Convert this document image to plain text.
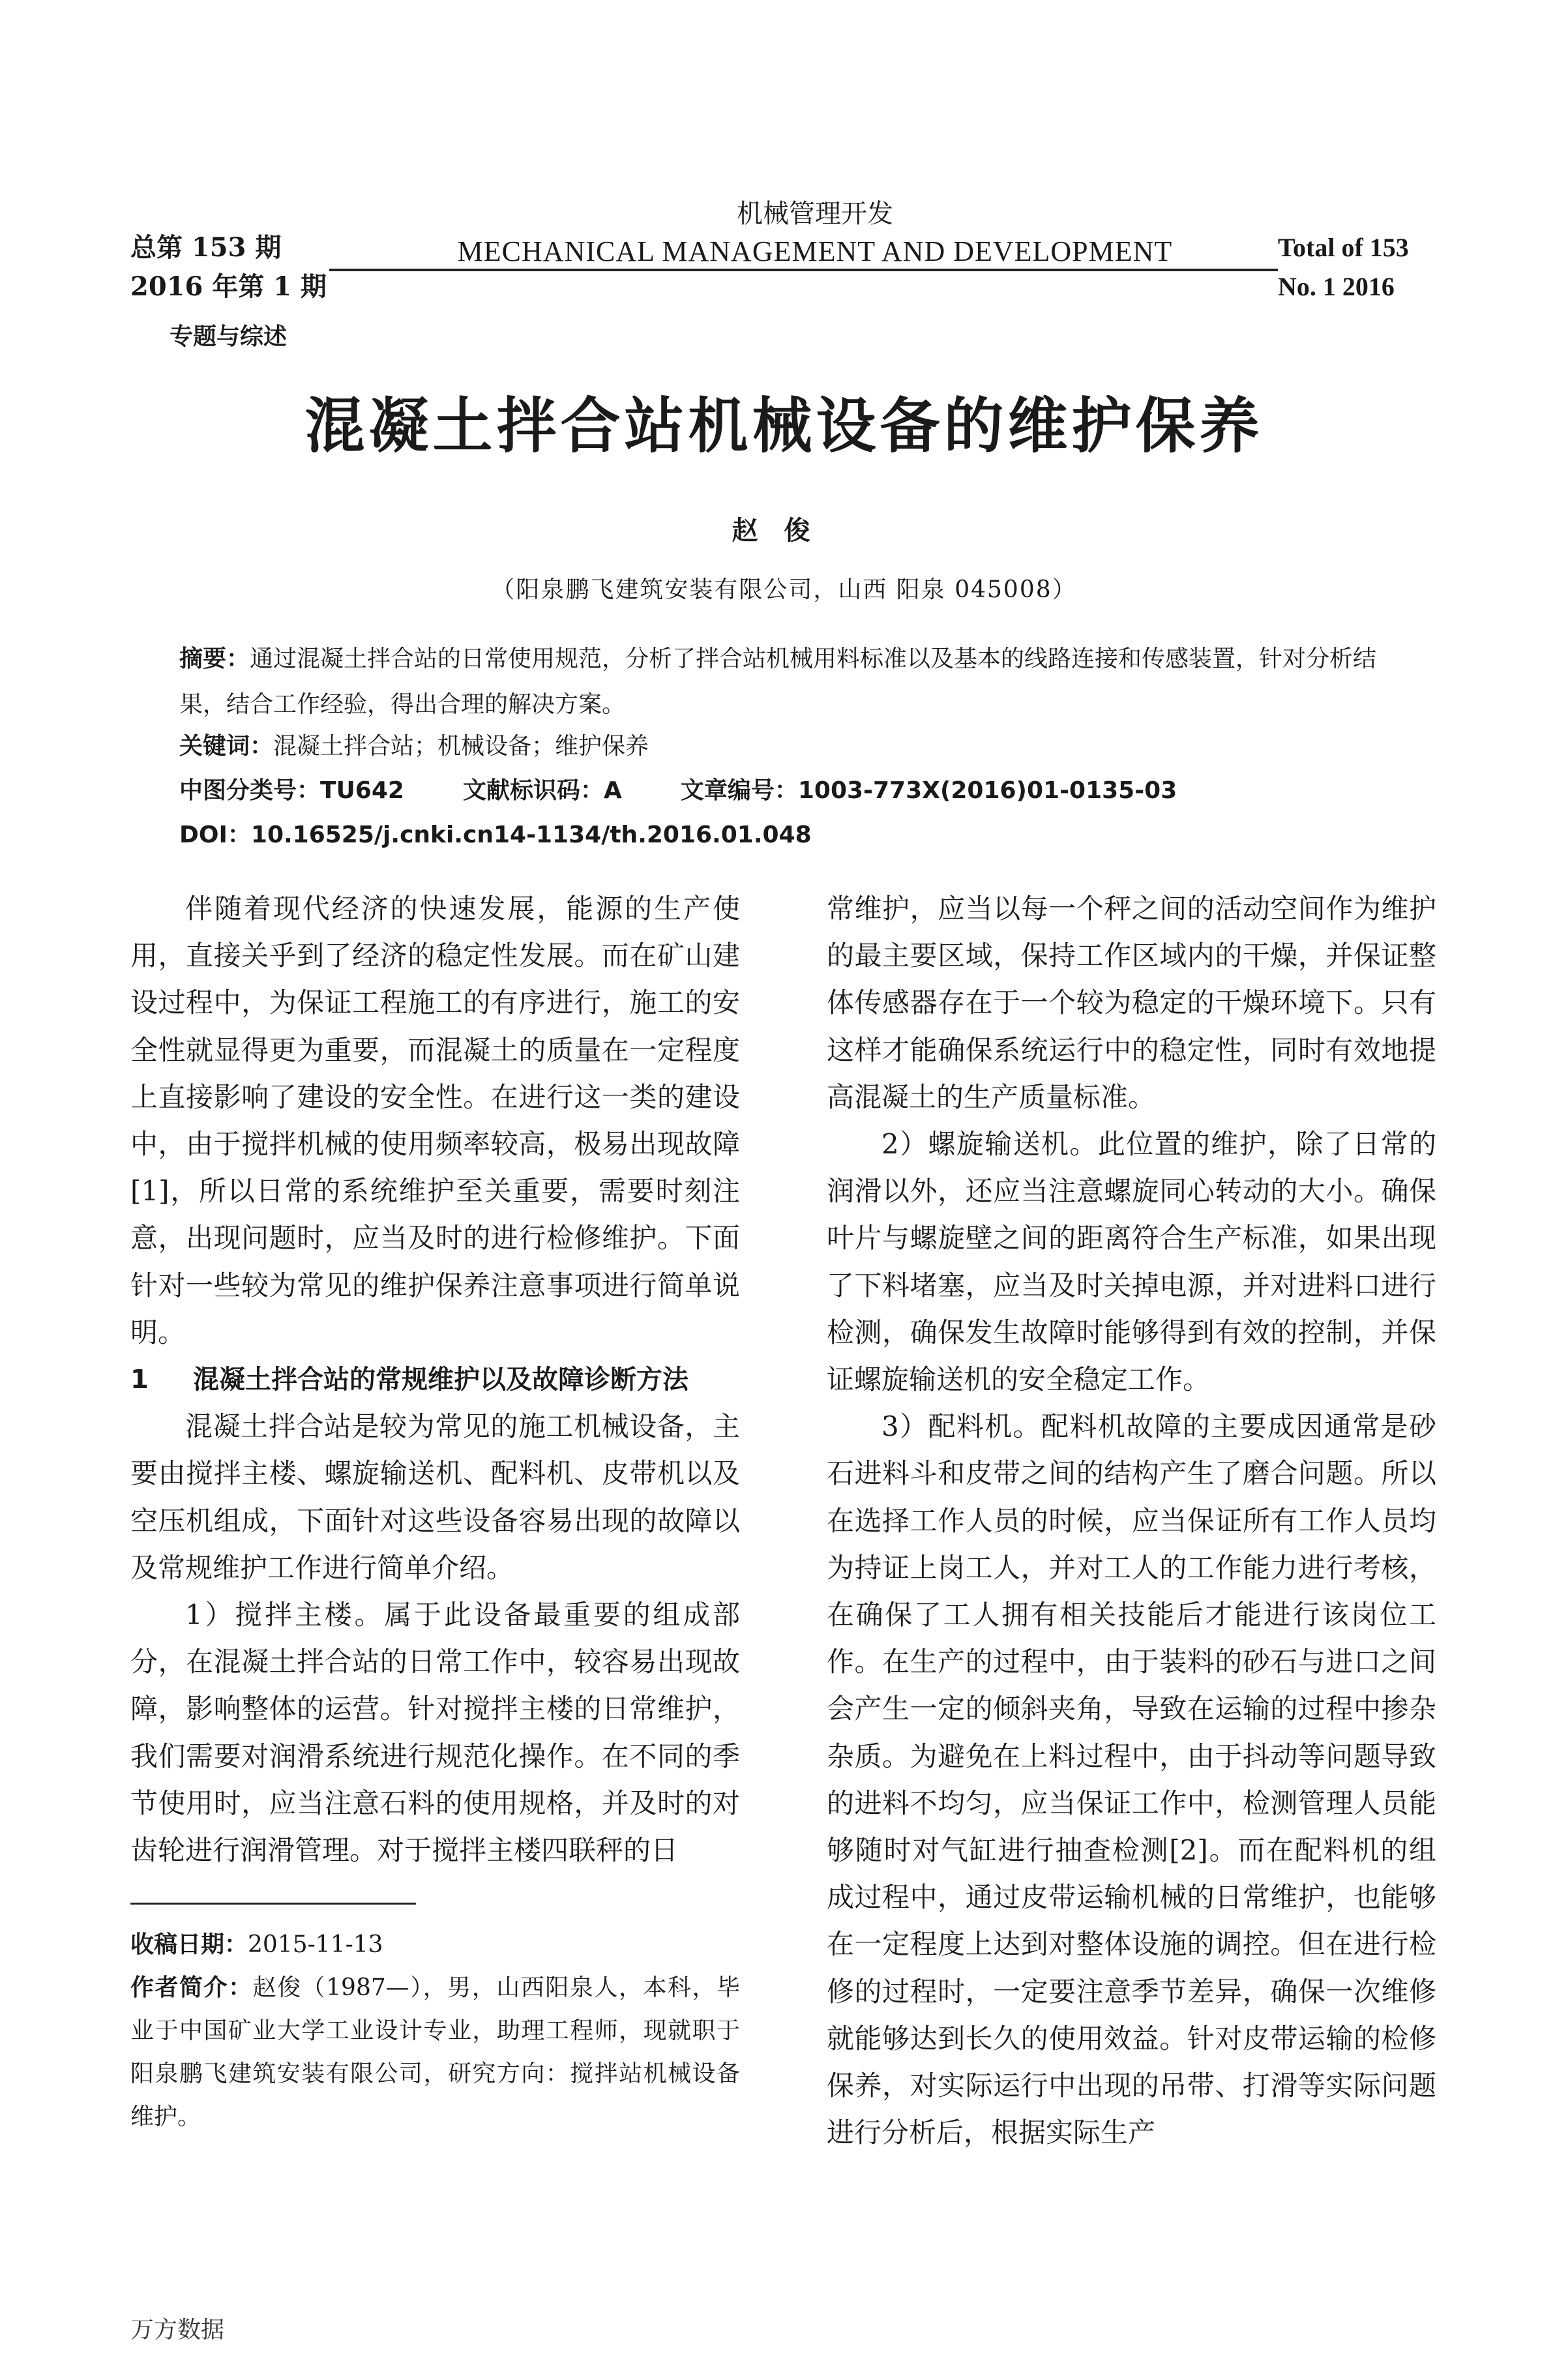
总第 153 期
2016 年第 1 期
机械管理开发
MECHANICAL MANAGEMENT AND DEVELOPMENT	Total of 153
No. 1 2016
专题与综述
混凝土拌合站机械设备的维护保养
赵俊
（阳泉鹏飞建筑安装有限公司，山西 阳泉 045008）
摘要：通过混凝土拌合站的日常使用规范，分析了拌合站机械用料标准以及基本的线路连接和传感装置，针对分析结果，结合工作经验，得出合理的解决方案。
关键词：混凝土拌合站；机械设备；维护保养
中图分类号：TU642	文献标识码：A	文章编号：1003-773X(2016)01-0135-03
DOI：10.16525/j.cnki.cn14-1134/th.2016.01.048

伴随着现代经济的快速发展，能源的生产使用，直接关乎到了经济的稳定性发展。而在矿山建设过程中，为保证工程施工的有序进行，施工的安全性就显得更为重要，而混凝土的质量在一定程度上直接影响了建设的安全性。在进行这一类的建设中，由于搅拌机械的使用频率较高，极易出现故障[1]，所以日常的系统维护至关重要，需要时刻注意，出现问题时，应当及时的进行检修维护。下面针对一些较为常见的维护保养注意事项进行简单说明。

1 混凝土拌合站的常规维护以及故障诊断方法

混凝土拌合站是较为常见的施工机械设备，主要由搅拌主楼、螺旋输送机、配料机、皮带机以及空压机组成，下面针对这些设备容易出现的故障以及常规维护工作进行简单介绍。

1）搅拌主楼。属于此设备最重要的组成部分，在混凝土拌合站的日常工作中，较容易出现故障，影响整体的运营。针对搅拌主楼的日常维护，我们需要对润滑系统进行规范化操作。在不同的季节使用时，应当注意石料的使用规格，并及时的对齿轮进行润滑管理。对于搅拌主楼四联秤的日

收稿日期：2015-11-13

作者简介：赵俊（1987—），男，山西阳泉人，本科，毕业于中国矿业大学工业设计专业，助理工程师，现就职于阳泉鹏飞建筑安装有限公司，研究方向：搅拌站机械设备维护。

常维护，应当以每一个秤之间的活动空间作为维护的最主要区域，保持工作区域内的干燥，并保证整体传感器存在于一个较为稳定的干燥环境下。只有这样才能确保系统运行中的稳定性，同时有效地提高混凝土的生产质量标准。

2）螺旋输送机。此位置的维护，除了日常的润滑以外，还应当注意螺旋同心转动的大小。确保叶片与螺旋壁之间的距离符合生产标准，如果出现了下料堵塞，应当及时关掉电源，并对进料口进行检测，确保发生故障时能够得到有效的控制，并保证螺旋输送机的安全稳定工作。

3）配料机。配料机故障的主要成因通常是砂石进料斗和皮带之间的结构产生了磨合问题。所以在选择工作人员的时候，应当保证所有工作人员均为持证上岗工人，并对工人的工作能力进行考核，在确保了工人拥有相关技能后才能进行该岗位工作。在生产的过程中，由于装料的砂石与进口之间会产生一定的倾斜夹角，导致在运输的过程中掺杂杂质。为避免在上料过程中，由于抖动等问题导致的进料不均匀，应当保证工作中，检测管理人员能够随时对气缸进行抽查检测[2]。而在配料机的组成过程中，通过皮带运输机械的日常维护，也能够在一定程度上达到对整体设施的调控。但在进行检修的过程时，一定要注意季节差异，确保一次维修就能够达到长久的使用效益。针对皮带运输的检修保养，对实际运行中出现的吊带、打滑等实际问题进行分析后，根据实际生产

万方数据
